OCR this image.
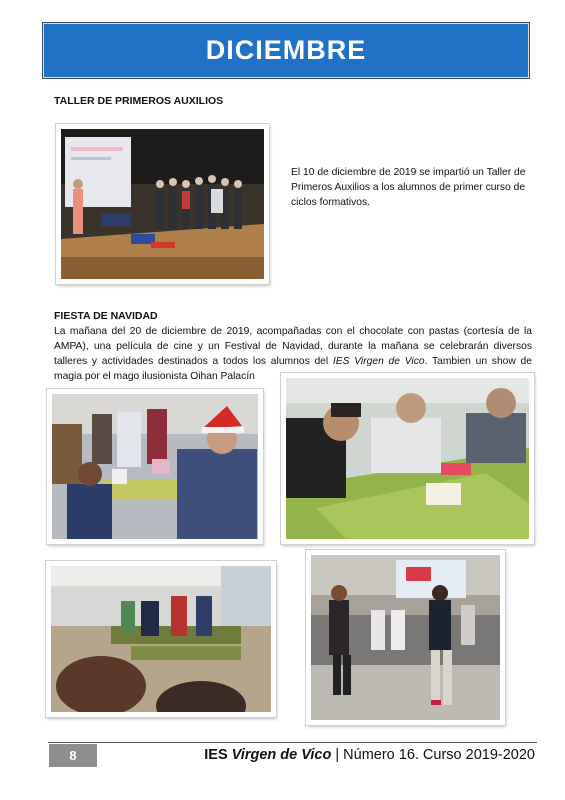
DICIEMBRE
TALLER DE PRIMEROS AUXILIOS
El 10 de diciembre de 2019 se impartió un Taller de Primeros Auxilios a los alumnos de primer curso de ciclos formativos.
FIESTA DE NAVIDAD
La mañana del 20 de diciembre de 2019, acompañadas con el chocolate con pastas (cortesía de la AMPA), una película de cine y un Festival de Navidad, durante la mañana se celebrarán diversos talleres y actividades destinados a todos los alumnos del IES Virgen de Vico. Tambien un show de magia por el mago ilusionista Oihan Palacín
8	IES Virgen de Vico | Número 16. Curso 2019-2020
